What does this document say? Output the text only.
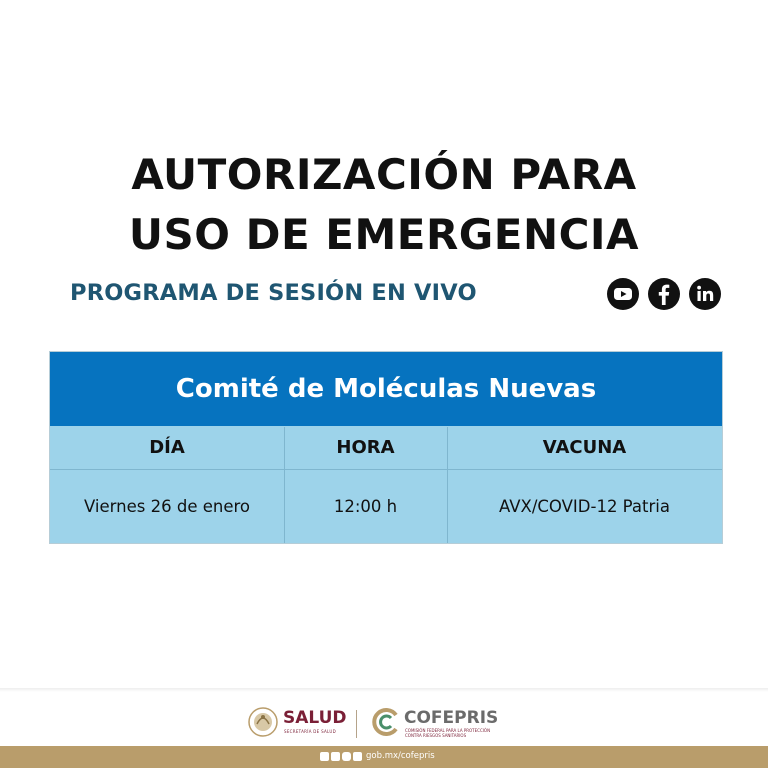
AUTORIZACIÓN PARA
USO DE EMERGENCIA
PROGRAMA DE SESIÓN EN VIVO
Comité de Moléculas Nuevas
DÍA	HORA	VACUNA
Viernes 26 de enero	12:00 h	AVX/COVID-12 Patria
SALUD
SECRETARÍA DE SALUD
COFEPRIS
COMISIÓN FEDERAL PARA LA PROTECCIÓN CONTRA RIESGOS SANITARIOS
gob.mx/cofepris
